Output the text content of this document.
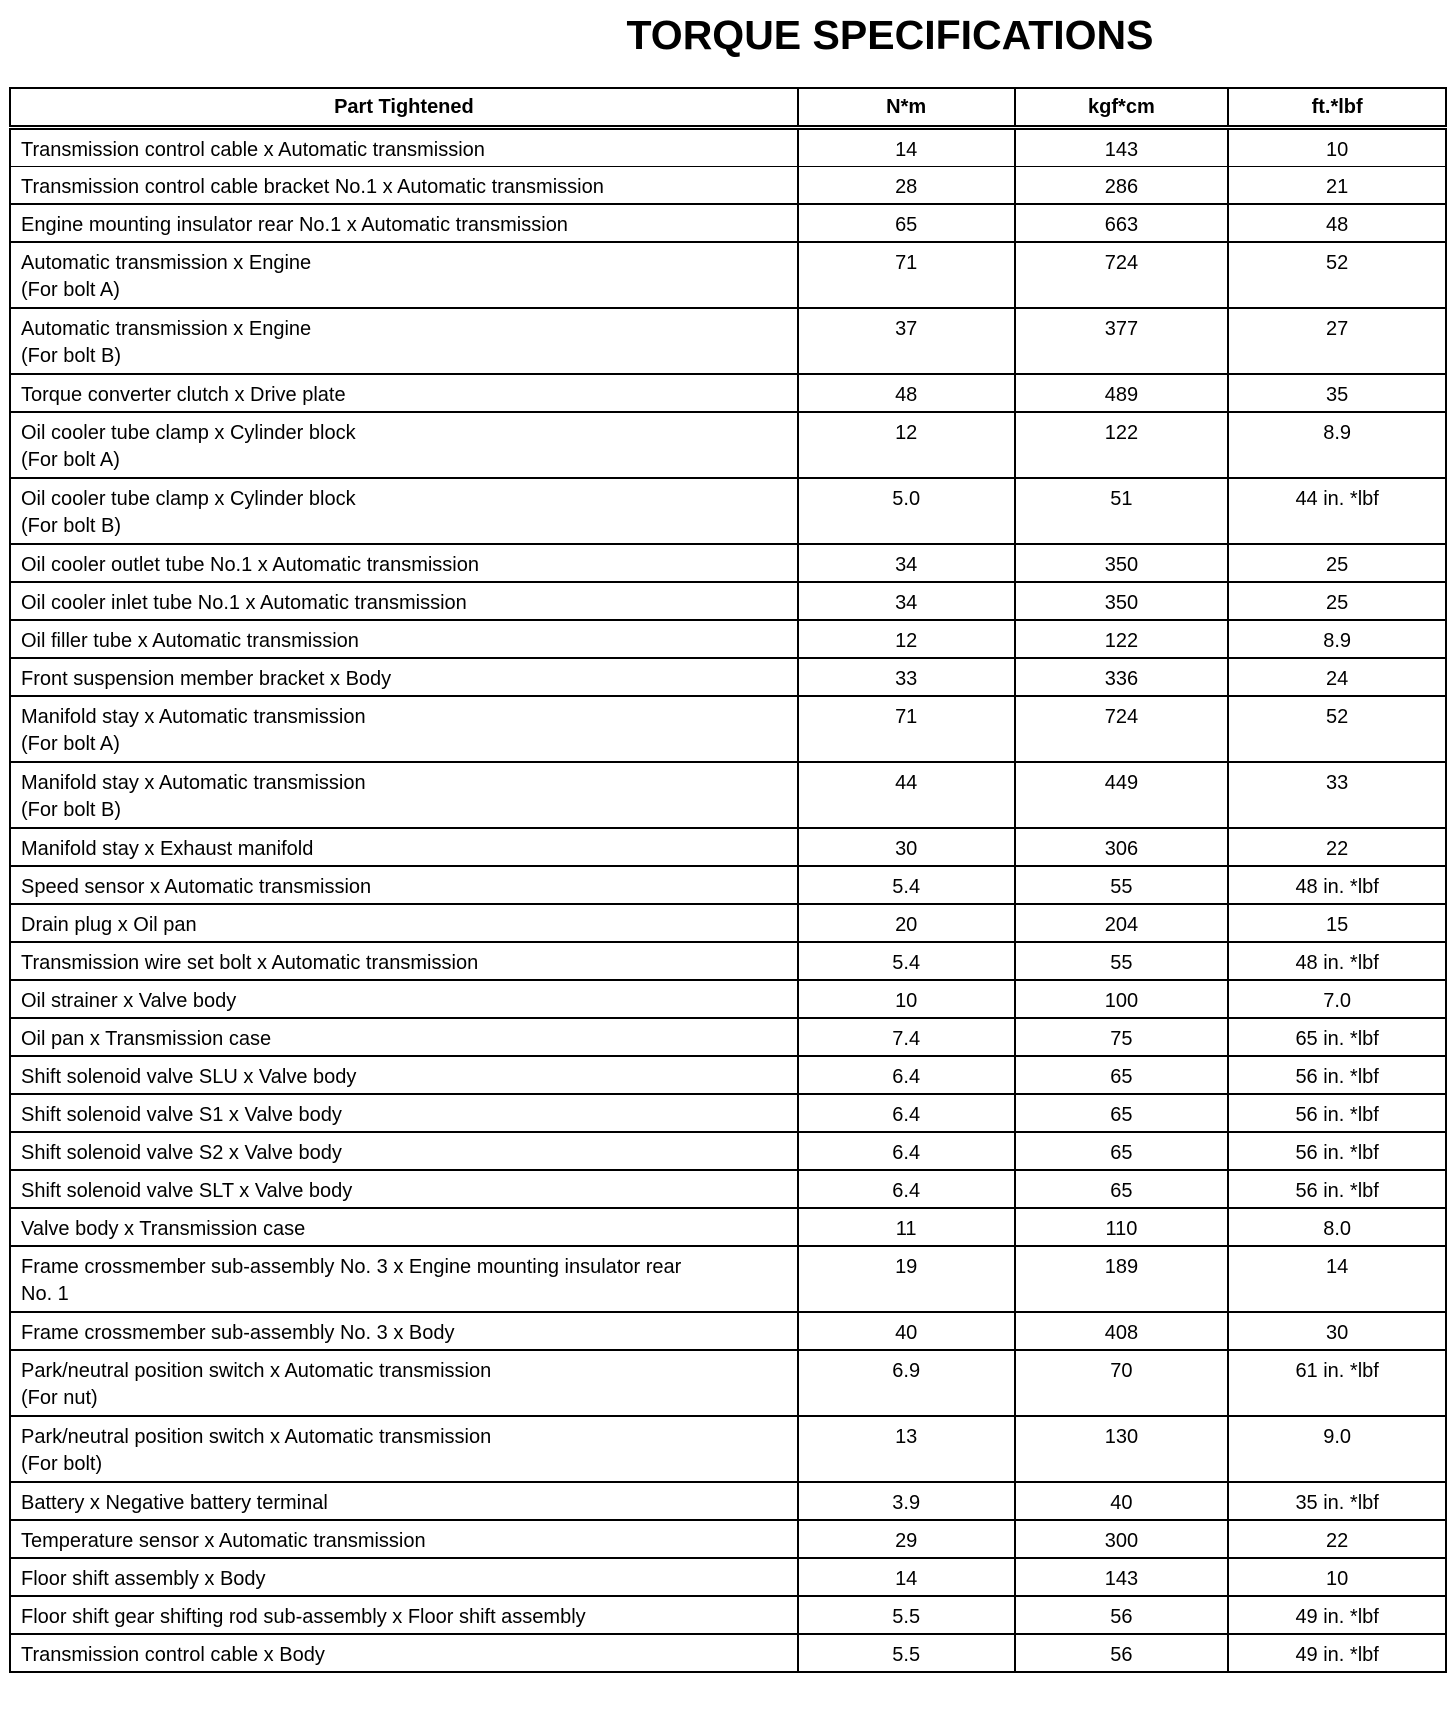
TORQUE SPECIFICATIONS
Part Tightened	N*m	kgf*cm	ft.*lbf

Transmission control cable x Automatic transmission	14	143	10

Transmission control cable bracket No.1 x Automatic transmission	28	286	21

Engine mounting insulator rear No.1 x Automatic transmission	65	663	48

Automatic transmission x Engine
(For bolt A)	71	724	52

Automatic transmission x Engine
(For bolt B)	37	377	27

Torque converter clutch x Drive plate	48	489	35

Oil cooler tube clamp x Cylinder block
(For bolt A)	12	122	8.9

Oil cooler tube clamp x Cylinder block
(For bolt B)	5.0	51	44 in. *lbf

Oil cooler outlet tube No.1 x Automatic transmission	34	350	25

Oil cooler inlet tube No.1 x Automatic transmission	34	350	25

Oil filler tube x Automatic transmission	12	122	8.9

Front suspension member bracket x Body	33	336	24

Manifold stay x Automatic transmission
(For bolt A)	71	724	52

Manifold stay x Automatic transmission
(For bolt B)	44	449	33

Manifold stay x Exhaust manifold	30	306	22

Speed sensor x Automatic transmission	5.4	55	48 in. *lbf

Drain plug x Oil pan	20	204	15

Transmission wire set bolt x Automatic transmission	5.4	55	48 in. *lbf

Oil strainer x Valve body	10	100	7.0

Oil pan x Transmission case	7.4	75	65 in. *lbf

Shift solenoid valve SLU x Valve body	6.4	65	56 in. *lbf

Shift solenoid valve S1 x Valve body	6.4	65	56 in. *lbf

Shift solenoid valve S2 x Valve body	6.4	65	56 in. *lbf

Shift solenoid valve SLT x Valve body	6.4	65	56 in. *lbf

Valve body x Transmission case	11	110	8.0

Frame crossmember sub-assembly No. 3 x Engine mounting insulator rear
No. 1	19	189	14

Frame crossmember sub-assembly No. 3 x Body	40	408	30

Park/neutral position switch x Automatic transmission
(For nut)	6.9	70	61 in. *lbf

Park/neutral position switch x Automatic transmission
(For bolt)	13	130	9.0

Battery x Negative battery terminal	3.9	40	35 in. *lbf

Temperature sensor x Automatic transmission	29	300	22

Floor shift assembly x Body	14	143	10

Floor shift gear shifting rod sub-assembly x Floor shift assembly	5.5	56	49 in. *lbf

Transmission control cable x Body	5.5	56	49 in. *lbf
